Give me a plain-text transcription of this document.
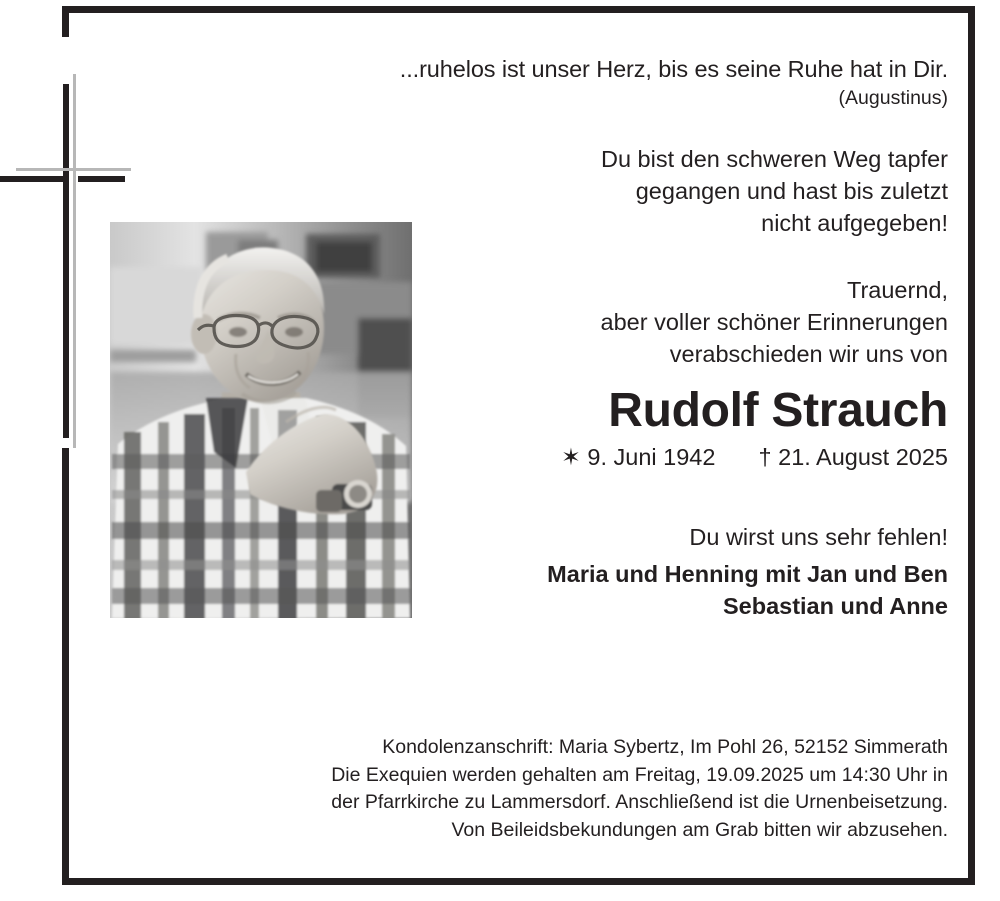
...ruhelos ist unser Herz, bis es seine Ruhe hat in Dir.
(Augustinus)
Du bist den schweren Weg tapfer
gegangen und hast bis zuletzt
nicht aufgegeben!
Trauernd,
aber voller schöner Erinnerungen
verabschieden wir uns von
Rudolf Strauch
✶ 9. Juni 1942 † 21. August 2025
Du wirst uns sehr fehlen!
Maria und Henning mit Jan und Ben
Sebastian und Anne
Kondolenzanschrift: Maria Sybertz, Im Pohl 26, 52152 Simmerath
Die Exequien werden gehalten am Freitag, 19.09.2025 um 14:30 Uhr in
der Pfarrkirche zu Lammersdorf. Anschließend ist die Urnenbeisetzung.
Von Beileidsbekundungen am Grab bitten wir abzusehen.
